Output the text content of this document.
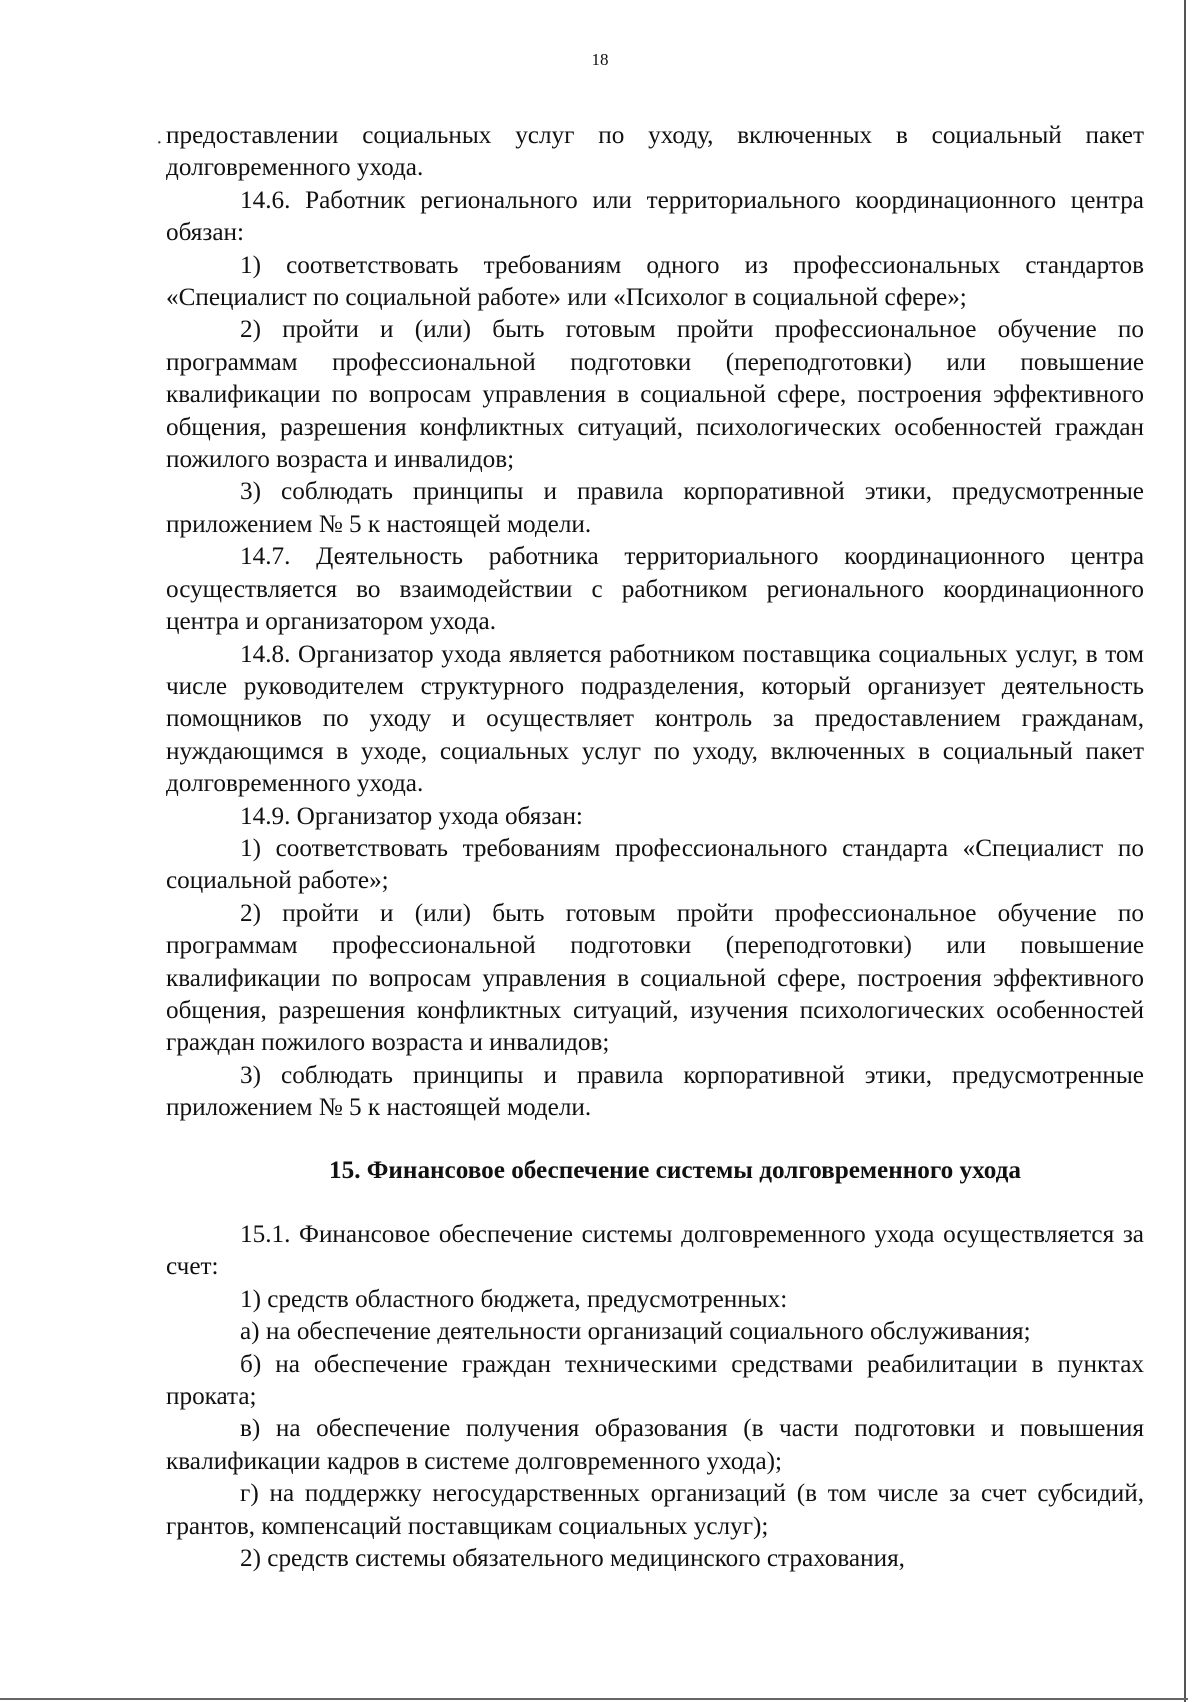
18
· предоставлении социальных услуг по уходу, включенных в социальный пакет долговременного ухода.

14.6. Работник регионального или территориального координационного центра обязан:

1) соответствовать требованиям одного из профессиональных стандартов «Специалист по социальной работе» или «Психолог в социальной сфере»;

2) пройти и (или) быть готовым пройти профессиональное обучение по программам профессиональной подготовки (переподготовки) или повышение квалификации по вопросам управления в социальной сфере, построения эффективного общения, разрешения конфликтных ситуаций, психологических особенностей граждан пожилого возраста и инвалидов;

3) соблюдать принципы и правила корпоративной этики, предусмотренные приложением № 5 к настоящей модели.

14.7. Деятельность работника территориального координационного центра осуществляется во взаимодействии с работником регионального координационного центра и организатором ухода.

14.8. Организатор ухода является работником поставщика социальных услуг, в том числе руководителем структурного подразделения, который организует деятельность помощников по уходу и осуществляет контроль за предоставлением гражданам, нуждающимся в уходе, социальных услуг по уходу, включенных в социальный пакет долговременного ухода.

14.9. Организатор ухода обязан:

1) соответствовать требованиям профессионального стандарта «Специалист по социальной работе»;

2) пройти и (или) быть готовым пройти профессиональное обучение по программам профессиональной подготовки (переподготовки) или повышение квалификации по вопросам управления в социальной сфере, построения эффективного общения, разрешения конфликтных ситуаций, изучения психологических особенностей граждан пожилого возраста и инвалидов;

3) соблюдать принципы и правила корпоративной этики, предусмотренные приложением № 5 к настоящей модели.

15. Финансовое обеспечение системы долговременного ухода

15.1. Финансовое обеспечение системы долговременного ухода осуществляется за счет:

1) средств областного бюджета, предусмотренных:

а) на обеспечение деятельности организаций социального обслуживания;

б) на обеспечение граждан техническими средствами реабилитации в пунктах проката;

в) на обеспечение получения образования (в части подготовки и повышения квалификации кадров в системе долговременного ухода);

г) на поддержку негосударственных организаций (в том числе за счет субсидий, грантов, компенсаций поставщикам социальных услуг);

2) средств системы обязательного медицинского страхования,
